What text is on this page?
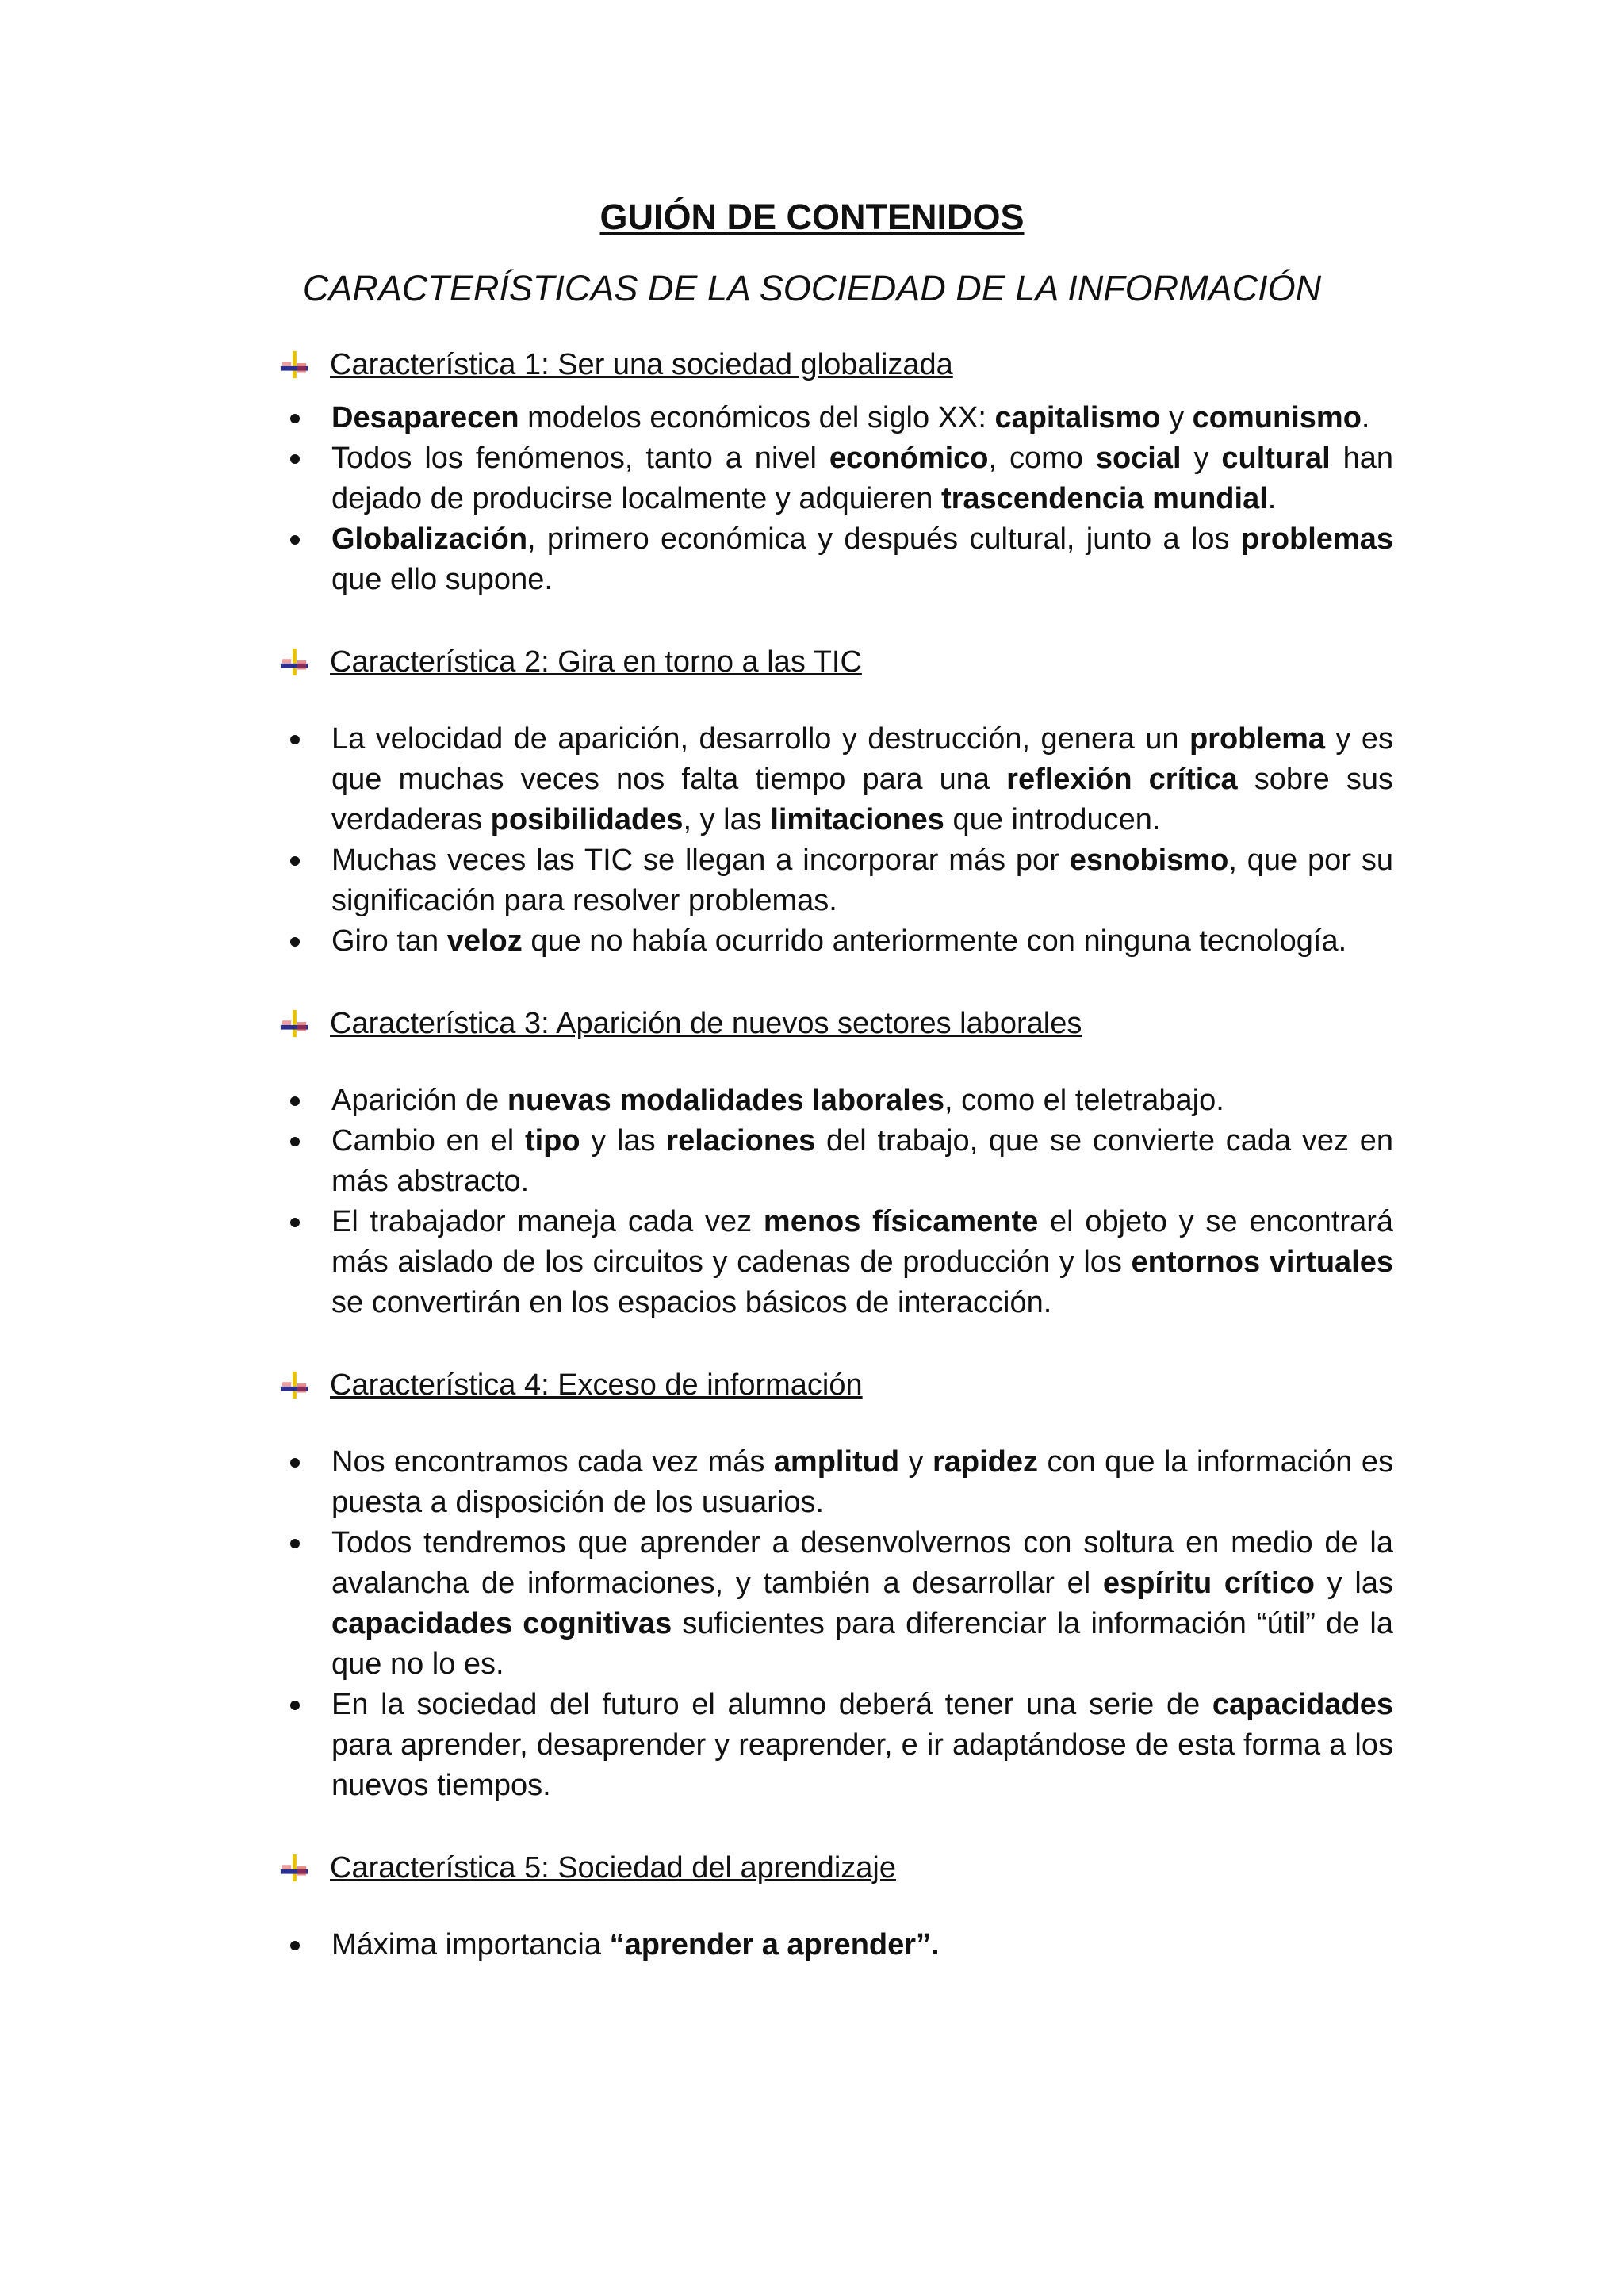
GUIÓN DE CONTENIDOS
CARACTERÍSTICAS DE LA SOCIEDAD DE LA INFORMACIÓN
Característica 1: Ser una sociedad globalizada
Desaparecen modelos económicos del siglo XX: capitalismo y comunismo.
Todos los fenómenos, tanto a nivel económico, como social y cultural han dejado de producirse localmente y adquieren trascendencia mundial.
Globalización, primero económica y después cultural, junto a los problemas que ello supone.
Característica 2: Gira en torno a las TIC
La velocidad de aparición, desarrollo y destrucción, genera un problema y es que muchas veces nos falta tiempo para una reflexión crítica sobre sus verdaderas posibilidades, y las limitaciones que introducen.
Muchas veces las TIC se llegan a incorporar más por esnobismo, que por su significación para resolver problemas.
Giro tan veloz que no había ocurrido anteriormente con ninguna tecnología.
Característica 3: Aparición de nuevos sectores laborales
Aparición de nuevas modalidades laborales, como el teletrabajo.
Cambio en el tipo y las relaciones del trabajo, que se convierte cada vez en más abstracto.
El trabajador maneja cada vez menos físicamente el objeto y se encontrará más aislado de los circuitos y cadenas de producción y los entornos virtuales se convertirán en los espacios básicos de interacción.
Característica 4: Exceso de información
Nos encontramos cada vez más amplitud y rapidez con que la información es puesta a disposición de los usuarios.
Todos tendremos que aprender a desenvolvernos con soltura en medio de la avalancha de informaciones, y también a desarrollar el espíritu crítico y las capacidades cognitivas suficientes para diferenciar la información “útil” de la que no lo es.
En la sociedad del futuro el alumno deberá tener una serie de capacidades para aprender, desaprender y reaprender, e ir adaptándose de esta forma a los nuevos tiempos.
Característica 5: Sociedad del aprendizaje
Máxima importancia “aprender a aprender”.
